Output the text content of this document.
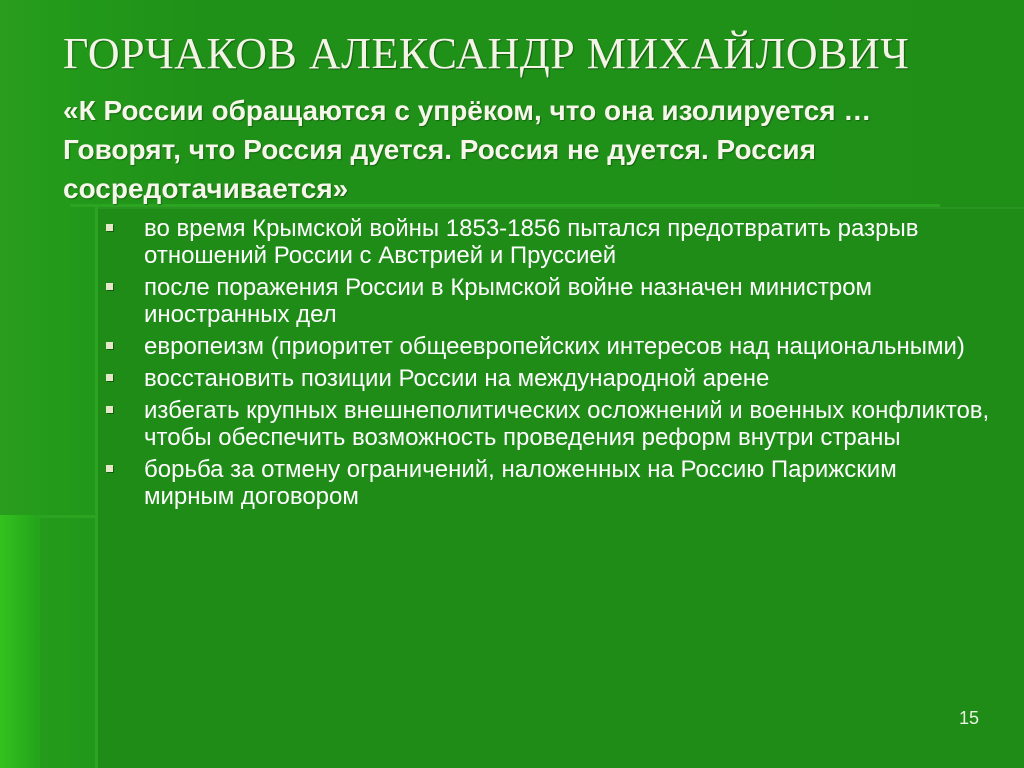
ГОРЧАКОВ АЛЕКСАНДР МИХАЙЛОВИЧ

«К России обращаются с упрёком, что она изолируется … Говорят, что Россия дуется. Россия не дуется. Россия сосредотачивается»

во время Крымской войны 1853-1856 пытался предотвратить разрыв отношений России с Австрией и Пруссией
после поражения России в Крымской войне назначен министром иностранных дел
европеизм (приоритет общеевропейских интересов над национальными)
восстановить позиции России на международной арене
избегать крупных внешнеполитических осложнений и военных конфликтов, чтобы обеспечить возможность проведения реформ внутри страны
борьба за отмену ограничений, наложенных на Россию Парижским мирным договором
15
